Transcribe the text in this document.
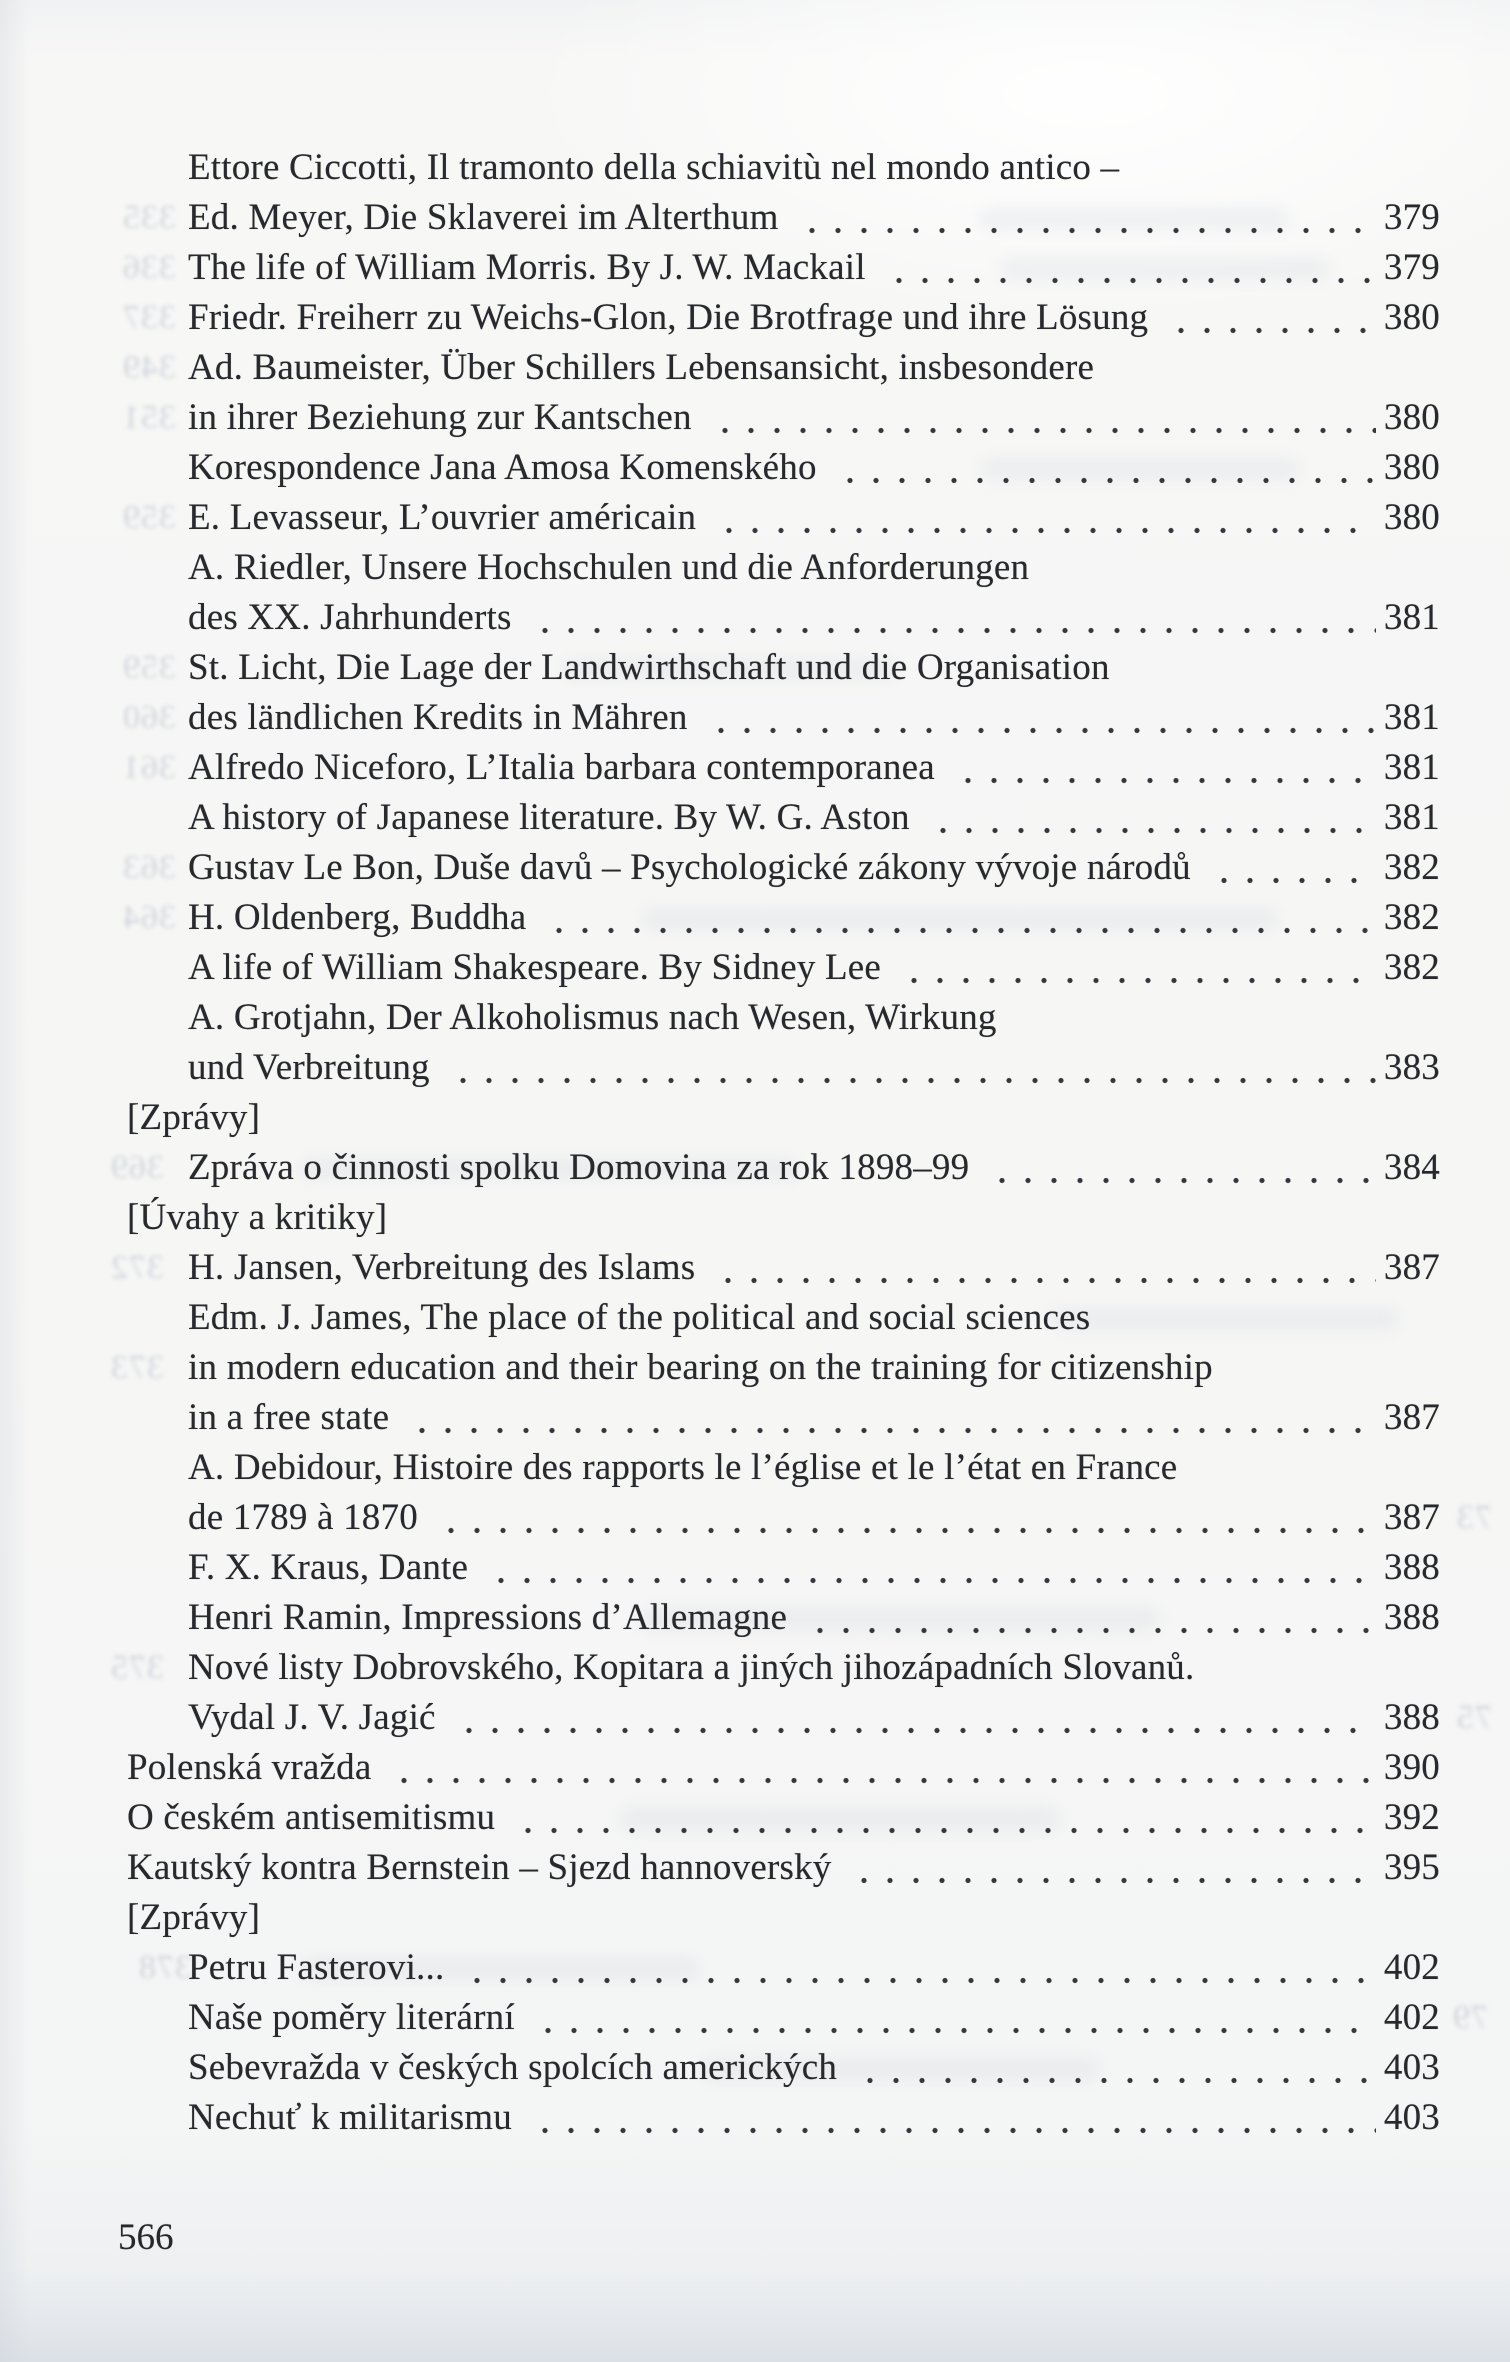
335
336
337
349
351
359
359
360
361
363
364
369
372
373
375
378
73
75
79
Ettore Ciccotti, Il tramonto della schiavitù nel mondo antico –
Ed. Meyer, Die Sklaverei im Alterthum	379
The life of William Morris. By J. W. Mackail	379
Friedr. Freiherr zu Weichs-Glon, Die Brotfrage und ihre Lösung	380
Ad. Baumeister, Über Schillers Lebensansicht, insbesondere
in ihrer Beziehung zur Kantschen	380
Korespondence Jana Amosa Komenského	380
E. Levasseur, L’ouvrier américain	380
A. Riedler, Unsere Hochschulen und die Anforderungen
des XX. Jahrhunderts	381
St. Licht, Die Lage der Landwirthschaft und die Organisation
des ländlichen Kredits in Mähren	381
Alfredo Niceforo, L’Italia barbara contemporanea	381
A history of Japanese literature. By W. G. Aston	381
Gustav Le Bon, Duše davů – Psychologické zákony vývoje národů	382
H. Oldenberg, Buddha	382
A life of William Shakespeare. By Sidney Lee	382
A. Grotjahn, Der Alkoholismus nach Wesen, Wirkung
und Verbreitung	383
[Zprávy]
Zpráva o činnosti spolku Domovina za rok 1898–99	384
[Úvahy a kritiky]
H. Jansen, Verbreitung des Islams	387
Edm. J. James, The place of the political and social sciences
in modern education and their bearing on the training for citizenship
in a free state	387
A. Debidour, Histoire des rapports le l’église et le l’état en France
de 1789 à 1870	387
F. X. Kraus, Dante	388
Henri Ramin, Impressions d’Allemagne	388
Nové listy Dobrovského, Kopitara a jiných jihozápadních Slovanů.
Vydal J. V. Jagić	388
Polenská vražda	390
O českém antisemitismu	392
Kautský kontra Bernstein – Sjezd hannoverský	395
[Zprávy]
Petru Fasterovi...	402
Naše poměry literární	402
Sebevražda v českých spolcích amerických	403
Nechuť k militarismu	403
566
